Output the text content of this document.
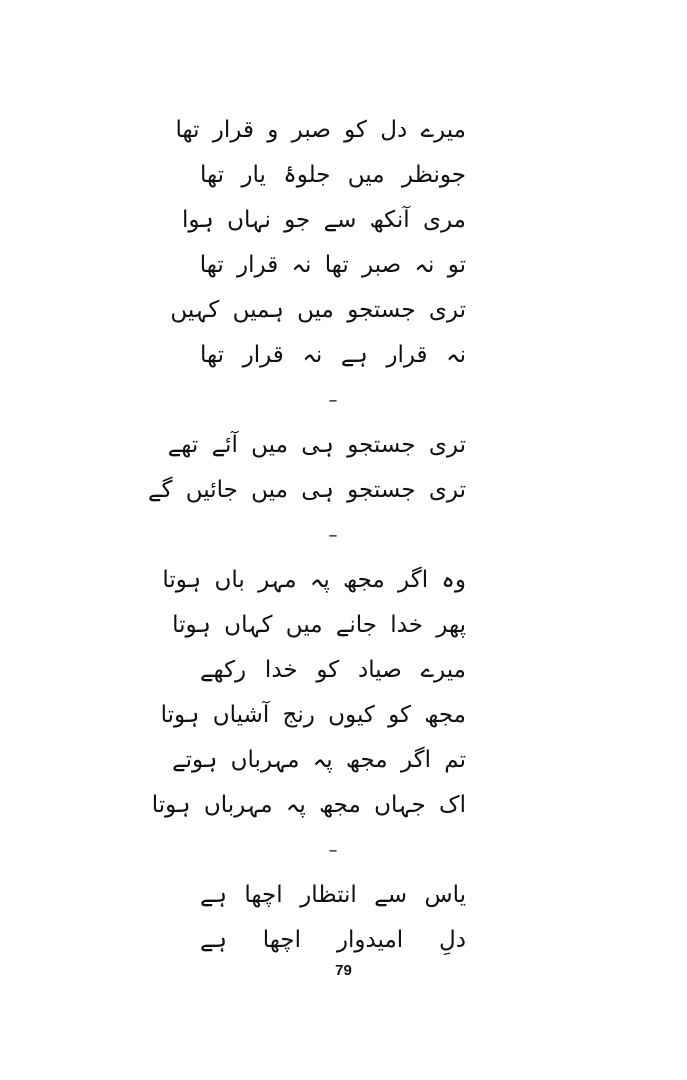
میرے دل کو صبر و قرار تھا
جونظر میں جلوۂ یار تھا
مری آنکھ سے جو نہاں ہوا
تو نہ صبر تھا نہ قرار تھا
تری جستجو میں ہمیں کہیں
نہ قرار ہے نہ قرار تھا
–
تری جستجو ہی میں آئے تھے
تری جستجو ہی میں جائیں گے
–
وہ اگر مجھ پہ مہر باں ہوتا
پھر خدا جانے میں کہاں ہوتا
میرے صیاد کو خدا رکھے
مجھ کو کیوں رنج آشیاں ہوتا
تم اگر مجھ پہ مہرباں ہوتے
اک جہاں مجھ پہ مہرباں ہوتا
–
یاس سے انتظار اچھا ہے
دلِ امیدوار اچھا ہے
79
